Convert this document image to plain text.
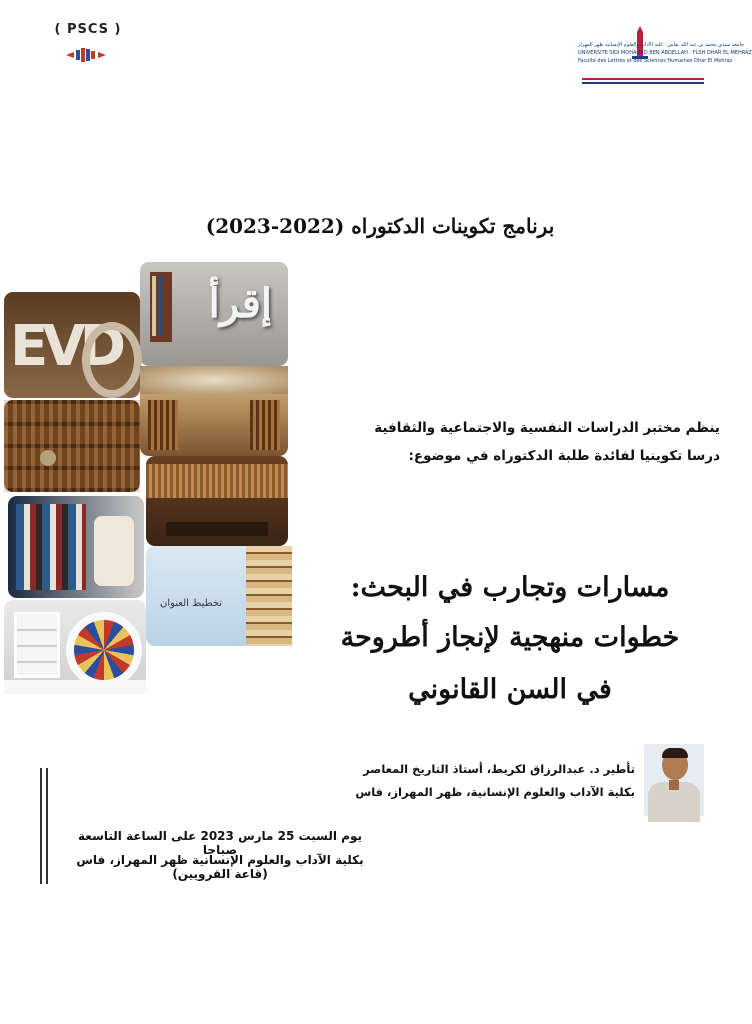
( PSCS )
جامعة سيدي محمد بن عبد الله بفاس · كلية الآداب والعلوم الإنسانية ظهر المهراز
UNIVERSITE SIDI MOHAMED BEN ABDELLAH · FLSH DHAR EL MEHRAZ
Faculté des Lettres et des Sciences Humaines Dhar El Mehraz
برنامج تكوينات الدكتوراه (2022-2023)
إقرأ
EVD
تخطيط العنوان
ينظم مختبر الدراسات النفسية والاجتماعية والثقافية
درسا تكوينيا لفائدة طلبة الدكتوراه في موضوع:
مسارات وتجارب في البحث:
خطوات منهجية لإنجاز أطروحة
في السن القانوني
تأطير د. عبدالرزاق لكريط، أستاذ التاريخ المعاصر
بكلية الآداب والعلوم الإنسانية، ظهر المهراز، فاس
يوم السبت 25 مارس 2023 على الساعة التاسعة صباحا
بكلية الآداب والعلوم الإنسانية ظهر المهراز، فاس (قاعة القرويين)
